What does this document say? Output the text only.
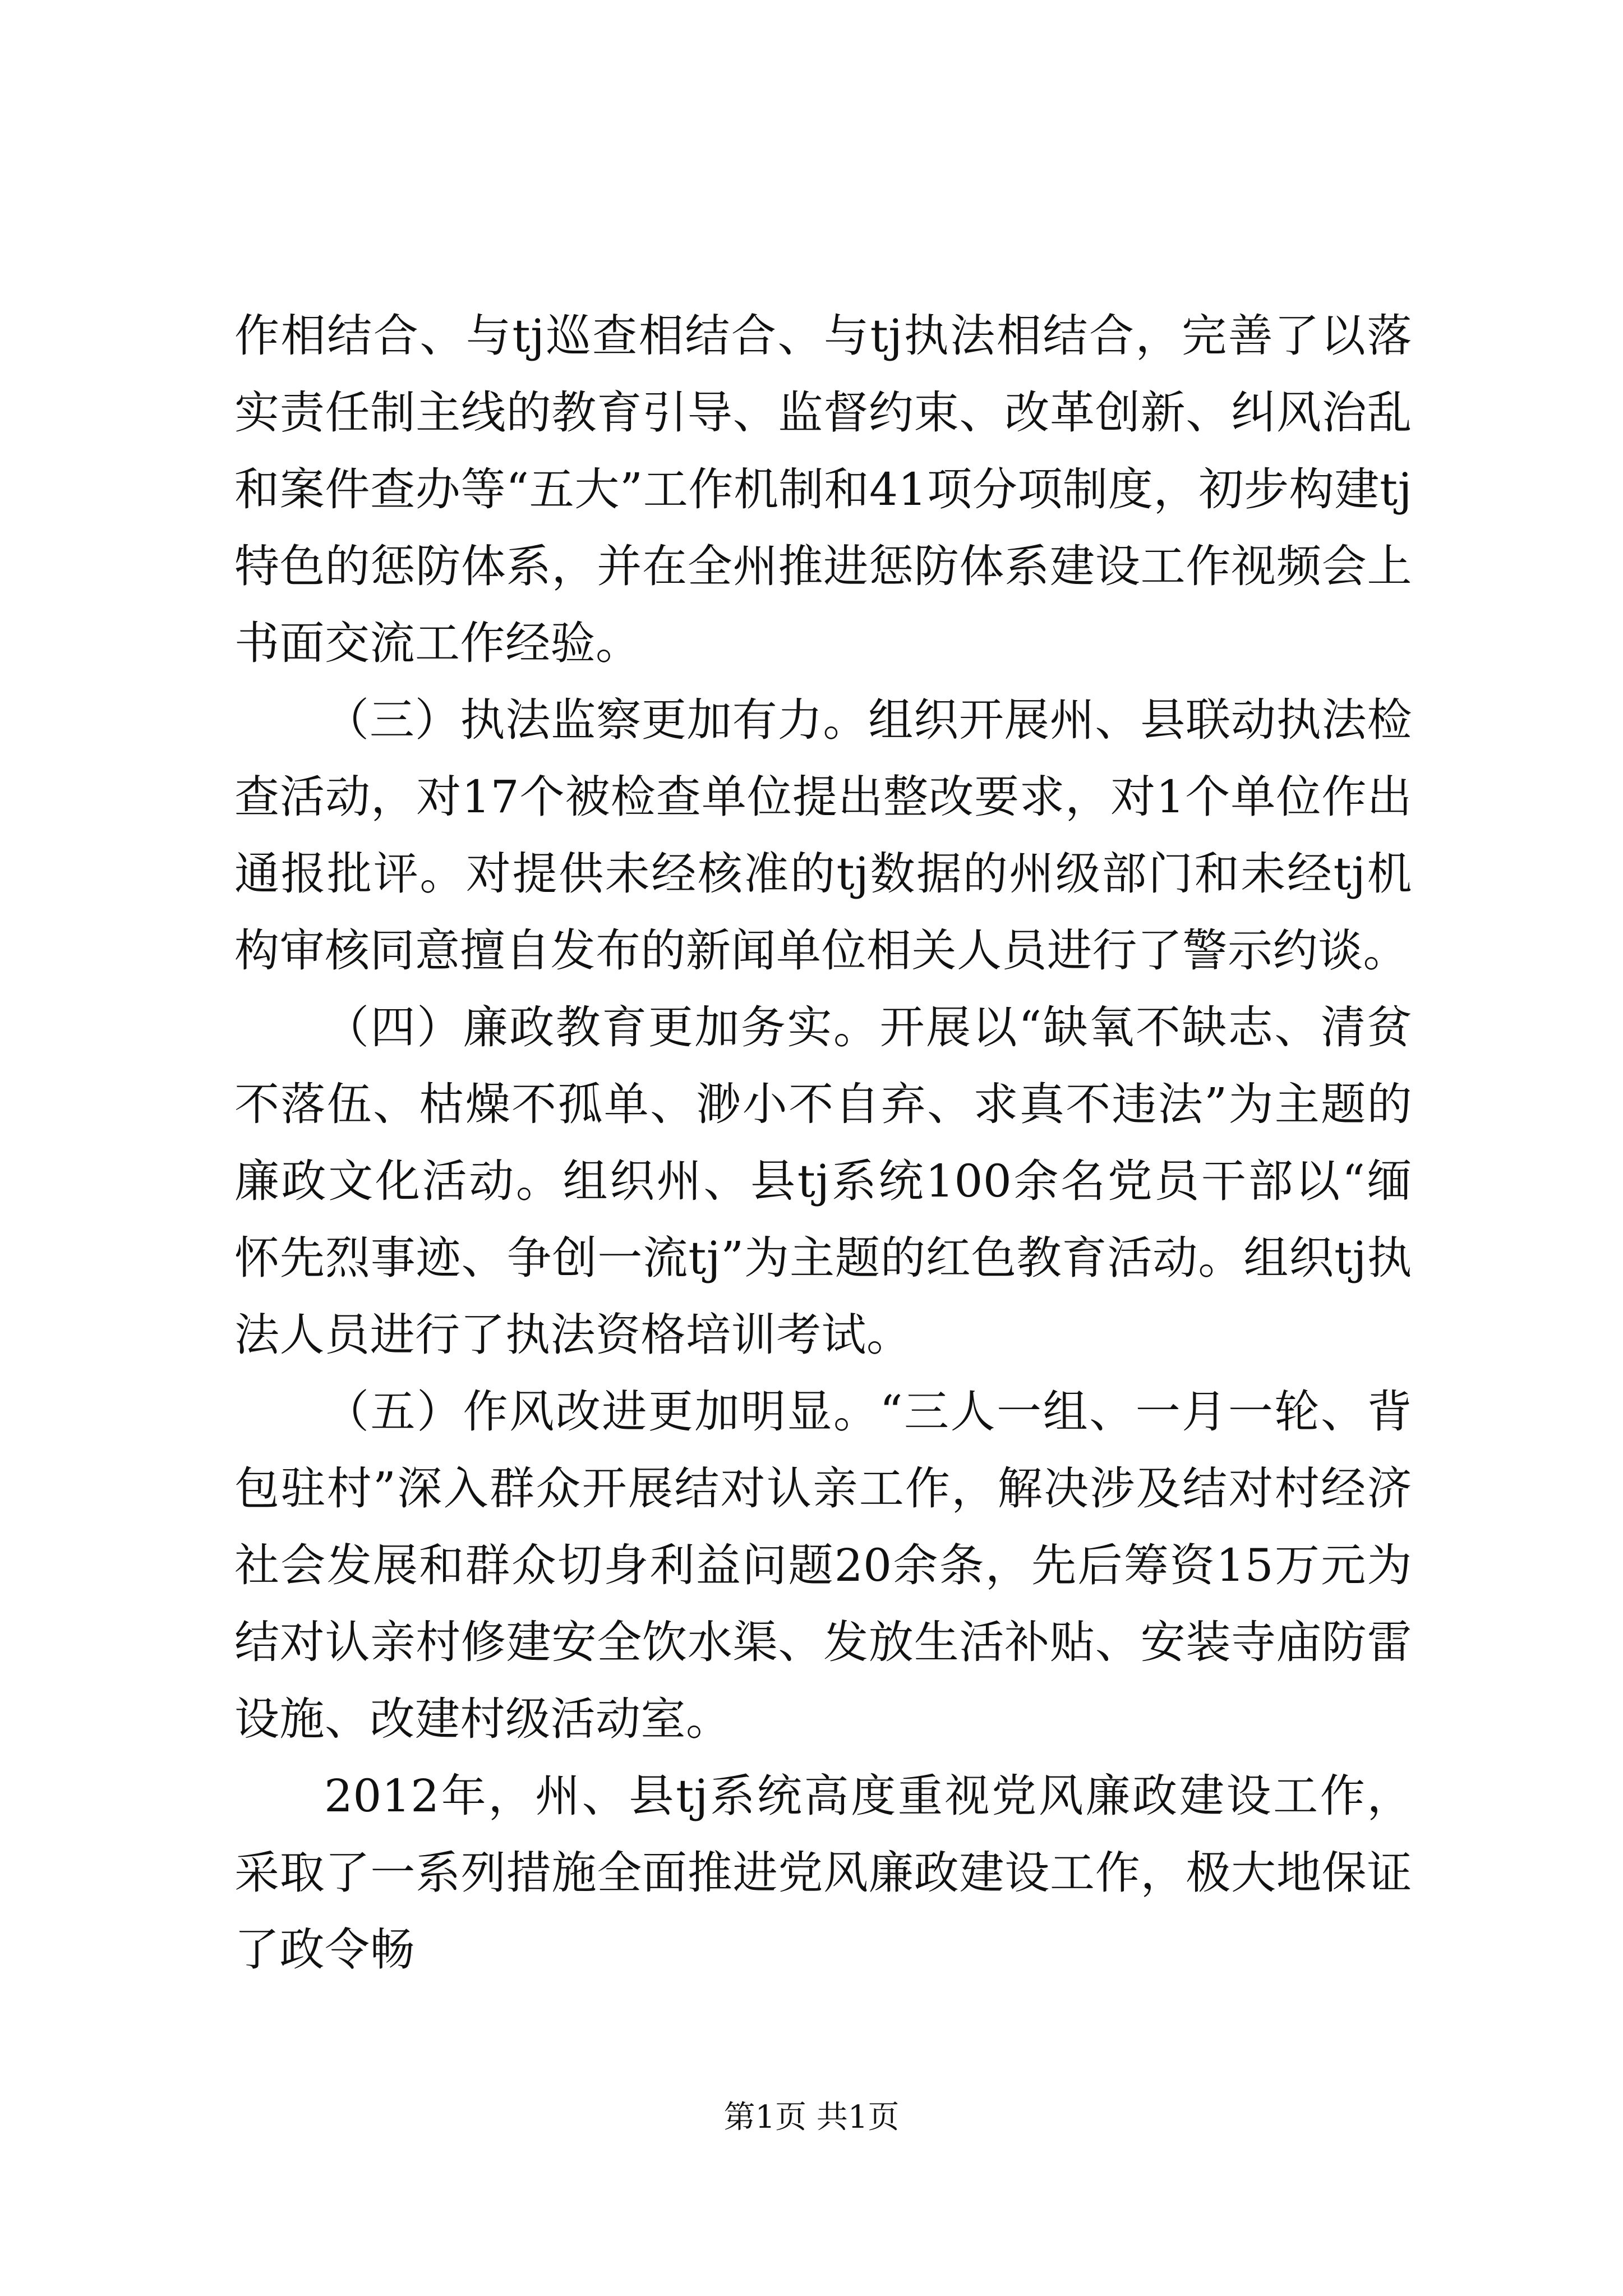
作相结合、与tj巡查相结合、与tj执法相结合，完善了以落实责任制主线的教育引导、监督约束、改革创新、纠风治乱和案件查办等“五大”工作机制和41项分项制度，初步构建tj特色的惩防体系，并在全州推进惩防体系建设工作视频会上书面交流工作经验。

（三）执法监察更加有力。组织开展州、县联动执法检查活动，对17个被检查单位提出整改要求，对1个单位作出通报批评。对提供未经核准的tj数据的州级部门和未经tj机构审核同意擅自发布的新闻单位相关人员进行了警示约谈。

（四）廉政教育更加务实。开展以“缺氧不缺志、清贫不落伍、枯燥不孤单、渺小不自弃、求真不违法”为主题的廉政文化活动。组织州、县tj系统100余名党员干部以“缅怀先烈事迹、争创一流tj”为主题的红色教育活动。组织tj执法人员进行了执法资格培训考试。

（五）作风改进更加明显。“三人一组、一月一轮、背包驻村”深入群众开展结对认亲工作，解决涉及结对村经济社会发展和群众切身利益问题20余条，先后筹资15万元为结对认亲村修建安全饮水渠、发放生活补贴、安装寺庙防雷设施、改建村级活动室。

2012年，州、县tj系统高度重视党风廉政建设工作，采取了一系列措施全面推进党风廉政建设工作，极大地保证了政令畅

第1页 共1页
